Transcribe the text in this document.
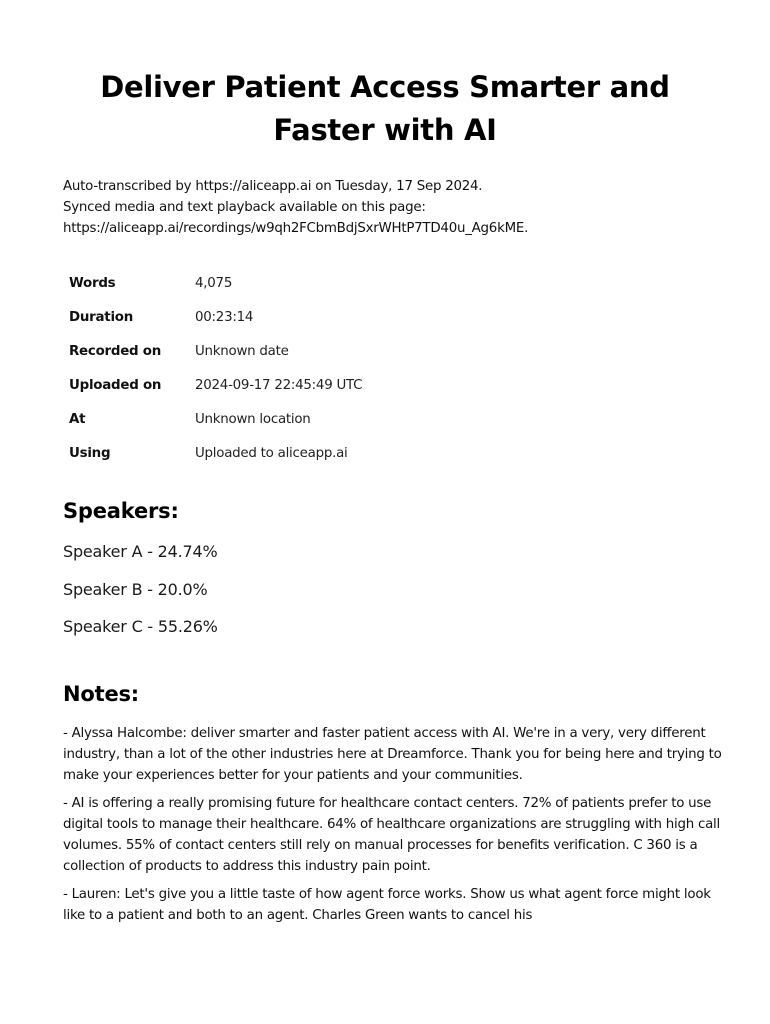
Deliver Patient Access Smarter and Faster with AI
Auto-transcribed by https://aliceapp.ai on Tuesday, 17 Sep 2024.
Synced media and text playback available on this page:
https://aliceapp.ai/recordings/w9qh2FCbmBdjSxrWHtP7TD40u_Ag6kME.
Words	4,075
Duration	00:23:14
Recorded on	Unknown date
Uploaded on	2024-09-17 22:45:49 UTC
At	Unknown location
Using	Uploaded to aliceapp.ai
Speakers:
Speaker A - 24.74%
Speaker B - 20.0%
Speaker C - 55.26%
Notes:

- Alyssa Halcombe: deliver smarter and faster patient access with AI. We're in a very, very different industry, than a lot of the other industries here at Dreamforce. Thank you for being here and trying to make your experiences better for your patients and your communities.

- AI is offering a really promising future for healthcare contact centers. 72% of patients prefer to use digital tools to manage their healthcare. 64% of healthcare organizations are struggling with high call volumes. 55% of contact centers still rely on manual processes for benefits verification. C 360 is a collection of products to address this industry pain point.

- Lauren: Let's give you a little taste of how agent force works. Show us what agent force might look like to a patient and both to an agent. Charles Green wants to cancel his
